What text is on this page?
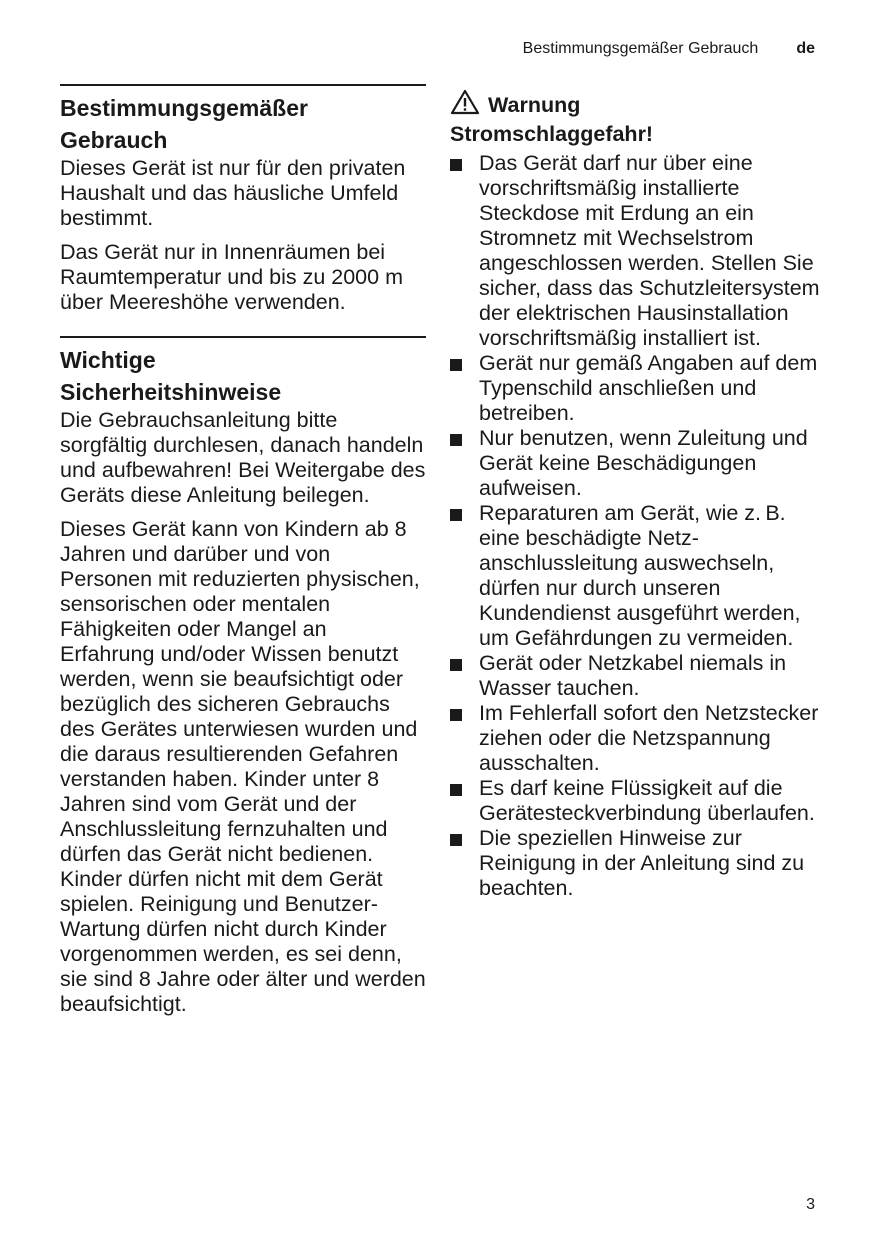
Bestimmungsgemäßer Gebrauch de
Bestimmungsgemäßer
Gebrauch

Dieses Gerät ist nur für den privaten Haushalt und das häusliche Umfeld bestimmt.

Das Gerät nur in Innenräumen bei Raumtemperatur und bis zu 2000 m über Meereshöhe verwenden.

Wichtige
Sicherheitshinweise

Die Gebrauchsanleitung bitte sorgfältig durchlesen, danach handeln und aufbewahren! Bei Weitergabe des Geräts diese Anleitung beilegen.

Dieses Gerät kann von Kindern ab 8 Jahren und darüber und von Personen mit reduzierten physischen, sensorischen oder mentalen Fähigkeiten oder Mangel an Erfahrung und/oder Wissen benutzt werden, wenn sie beaufsichtigt oder bezüglich des sicheren Gebrauchs des Gerätes unterwiesen wurden und die daraus resultierenden Gefahren verstanden haben. Kinder unter 8 Jahren sind vom Gerät und der Anschlussleitung fernzuhalten und dürfen das Gerät nicht bedienen. Kinder dürfen nicht mit dem Gerät spielen. Reinigung und Benutzer-Wartung dürfen nicht durch Kinder vorgenommen werden, es sei denn, sie sind 8 Jahre oder älter und werden beaufsichtigt.

Warnung
Stromschlaggefahr!
Das Gerät darf nur über eine vorschriftsmäßig installierte Steckdose mit Erdung an ein Stromnetz mit Wechselstrom angeschlossen werden. Stellen Sie sicher, dass das Schutzleitersystem der elektrischen Hausinstallation vorschriftsmäßig installiert ist.
Gerät nur gemäß Angaben auf dem Typenschild anschließen und betreiben.
Nur benutzen, wenn Zuleitung und Gerät keine Beschädigungen aufweisen.
Reparaturen am Gerät, wie z. B. eine beschädigte Netzanschlussleitung auswechseln, dürfen nur durch unseren Kundendienst ausgeführt werden, um Gefährdungen zu vermeiden.
Gerät oder Netzkabel niemals in Wasser tauchen.
Im Fehlerfall sofort den Netzstecker ziehen oder die Netzspannung ausschalten.
Es darf keine Flüssigkeit auf die Gerätesteckverbindung überlaufen.
Die speziellen Hinweise zur Reinigung in der Anleitung sind zu beachten.
3
